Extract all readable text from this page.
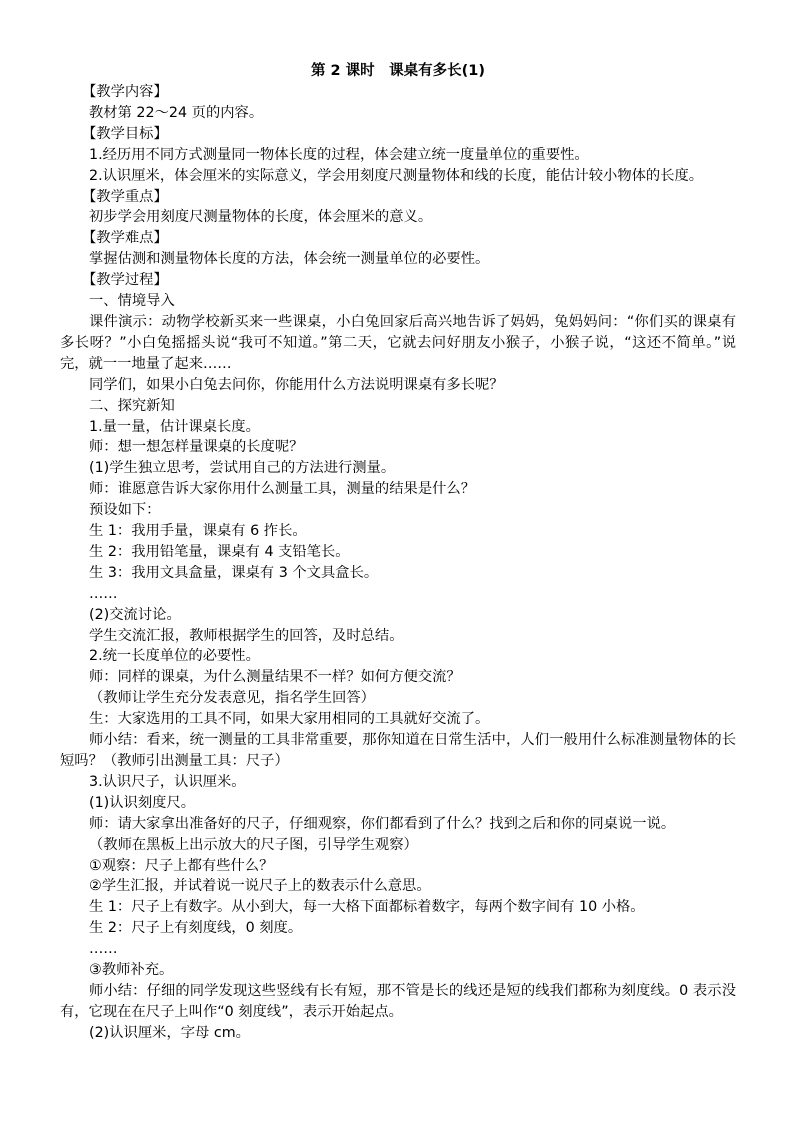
第 2 课时　课桌有多长(1)
【教学内容】
教材第 22～24 页的内容。
【教学目标】
1.经历用不同方式测量同一物体长度的过程，体会建立统一度量单位的重要性。
2.认识厘米，体会厘米的实际意义，学会用刻度尺测量物体和线的长度，能估计较小物体的长度。
【教学重点】
初步学会用刻度尺测量物体的长度，体会厘米的意义。
【教学难点】
掌握估测和测量物体长度的方法，体会统一测量单位的必要性。
【教学过程】
一、情境导入
课件演示：动物学校新买来一些课桌，小白兔回家后高兴地告诉了妈妈，兔妈妈问：“你们买的课桌有多长呀？”小白兔摇摇头说“我可不知道。”第二天，它就去问好朋友小猴子，小猴子说，“这还不简单。”说完，就一一地量了起来……
同学们，如果小白兔去问你，你能用什么方法说明课桌有多长呢？
二、探究新知
1.量一量，估计课桌长度。
师：想一想怎样量课桌的长度呢？
(1)学生独立思考，尝试用自己的方法进行测量。
师：谁愿意告诉大家你用什么测量工具，测量的结果是什么？
预设如下：
生 1：我用手量，课桌有 6 拃长。
生 2：我用铅笔量，课桌有 4 支铅笔长。
生 3：我用文具盒量，课桌有 3 个文具盒长。
……
(2)交流讨论。
学生交流汇报，教师根据学生的回答，及时总结。
2.统一长度单位的必要性。
师：同样的课桌，为什么测量结果不一样？如何方便交流？
（教师让学生充分发表意见，指名学生回答）
生：大家选用的工具不同，如果大家用相同的工具就好交流了。
师小结：看来，统一测量的工具非常重要，那你知道在日常生活中，人们一般用什么标准测量物体的长短吗？（教师引出测量工具：尺子）
3.认识尺子，认识厘米。
(1)认识刻度尺。
师：请大家拿出准备好的尺子，仔细观察，你们都看到了什么？找到之后和你的同桌说一说。
（教师在黑板上出示放大的尺子图，引导学生观察）
①观察：尺子上都有些什么？
②学生汇报，并试着说一说尺子上的数表示什么意思。
生 1：尺子上有数字。从小到大，每一大格下面都标着数字，每两个数字间有 10 小格。
生 2：尺子上有刻度线，0 刻度。
……
③教师补充。
师小结：仔细的同学发现这些竖线有长有短，那不管是长的线还是短的线我们都称为刻度线。0 表示没有，它现在在尺子上叫作“0 刻度线”，表示开始起点。
(2)认识厘米，字母 cm。
